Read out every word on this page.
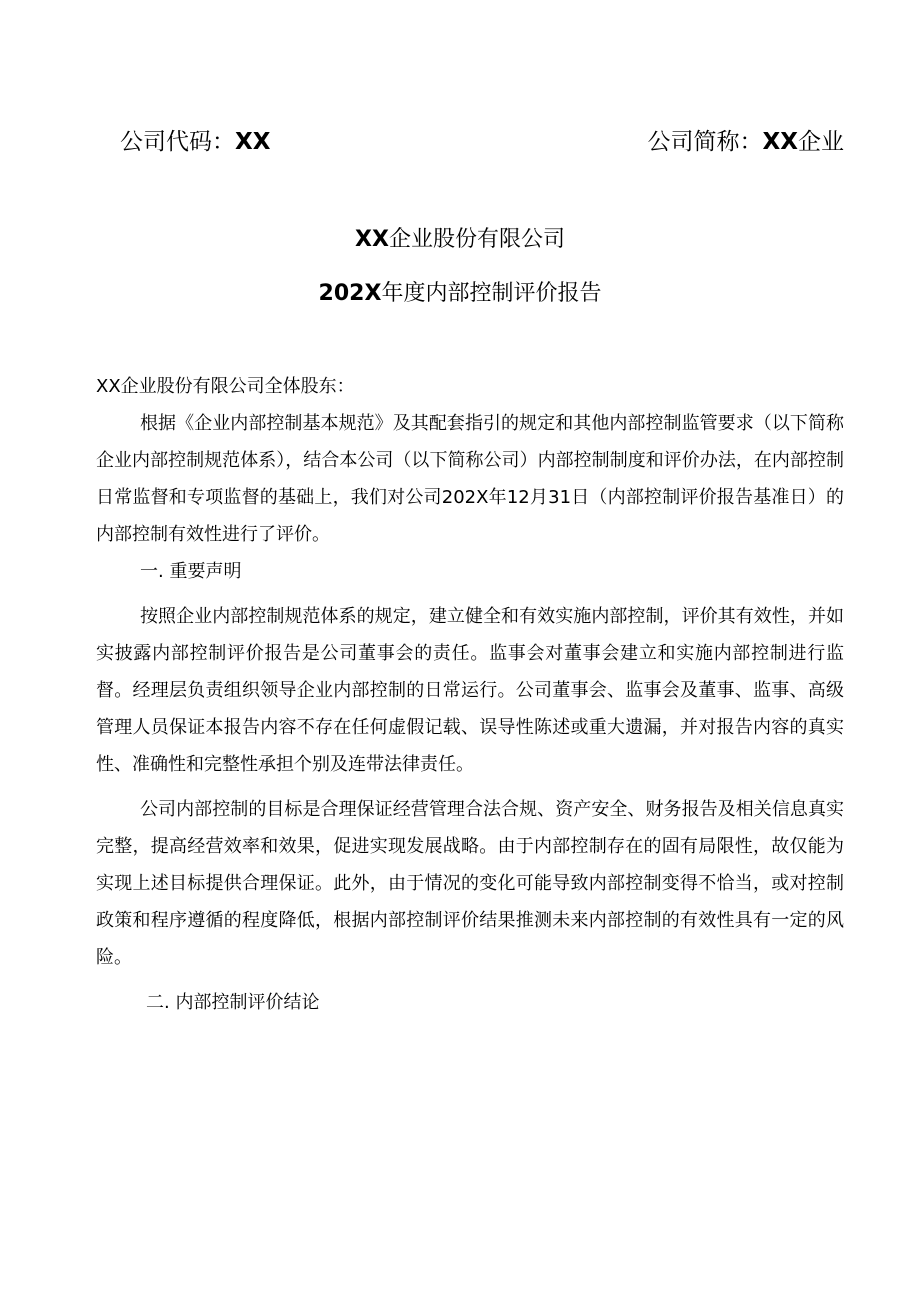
公司代码：XX	公司简称：XX企业
XX企业股份有限公司
202X年度内部控制评价报告

XX企业股份有限公司全体股东：

根据《企业内部控制基本规范》及其配套指引的规定和其他内部控制监管要求（以下简称企业内部控制规范体系），结合本公司（以下简称公司）内部控制制度和评价办法，在内部控制日常监督和专项监督的基础上，我们对公司202X年12月31日（内部控制评价报告基准日）的内部控制有效性进行了评价。

一. 重要声明

按照企业内部控制规范体系的规定，建立健全和有效实施内部控制，评价其有效性，并如实披露内部控制评价报告是公司董事会的责任。监事会对董事会建立和实施内部控制进行监督。经理层负责组织领导企业内部控制的日常运行。公司董事会、监事会及董事、监事、高级管理人员保证本报告内容不存在任何虚假记载、误导性陈述或重大遗漏，并对报告内容的真实性、准确性和完整性承担个别及连带法律责任。

公司内部控制的目标是合理保证经营管理合法合规、资产安全、财务报告及相关信息真实完整，提高经营效率和效果，促进实现发展战略。由于内部控制存在的固有局限性，故仅能为实现上述目标提供合理保证。此外，由于情况的变化可能导致内部控制变得不恰当，或对控制政策和程序遵循的程度降低，根据内部控制评价结果推测未来内部控制的有效性具有一定的风险。

二. 内部控制评价结论
